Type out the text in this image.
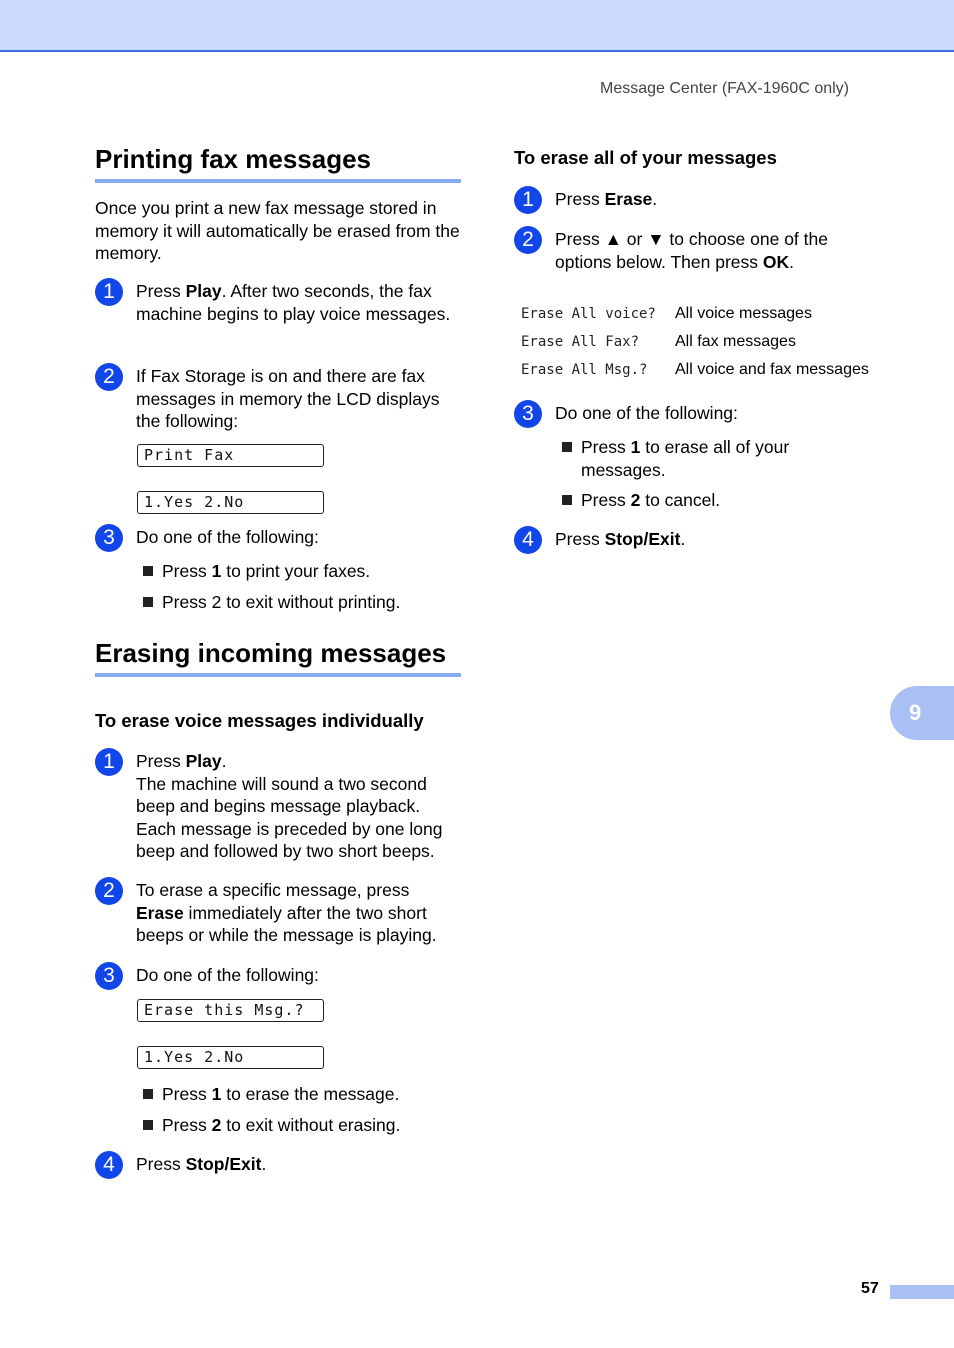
Message Center (FAX-1960C only)
Printing fax messages
Once you print a new fax message stored in memory it will automatically be erased from the memory.
1	Press Play. After two seconds, the fax machine begins to play voice messages.
2	If Fax Storage is on and there are fax messages in memory the LCD displays the following:
Print Fax
1.Yes 2.No
3	Do one of the following:
Press 1 to print your faxes.
Press 2 to exit without printing.
Erasing incoming messages
To erase voice messages individually
1	Press Play.
The machine will sound a two second beep and begins message playback. Each message is preceded by one long beep and followed by two short beeps.
2	To erase a specific message, press Erase immediately after the two short beeps or while the message is playing.
3	Do one of the following:
Erase this Msg.?
1.Yes 2.No
Press 1 to erase the message.
Press 2 to exit without erasing.
4	Press Stop/Exit.
To erase all of your messages
1	Press Erase.
2	Press ▲ or ▼ to choose one of the options below. Then press OK.
Erase All voice? All voice messages
Erase All Fax? All fax messages
Erase All Msg.? All voice and fax messages
3	Do one of the following:
Press 1 to erase all of your messages.
Press 2 to cancel.
4	Press Stop/Exit.
9
57
